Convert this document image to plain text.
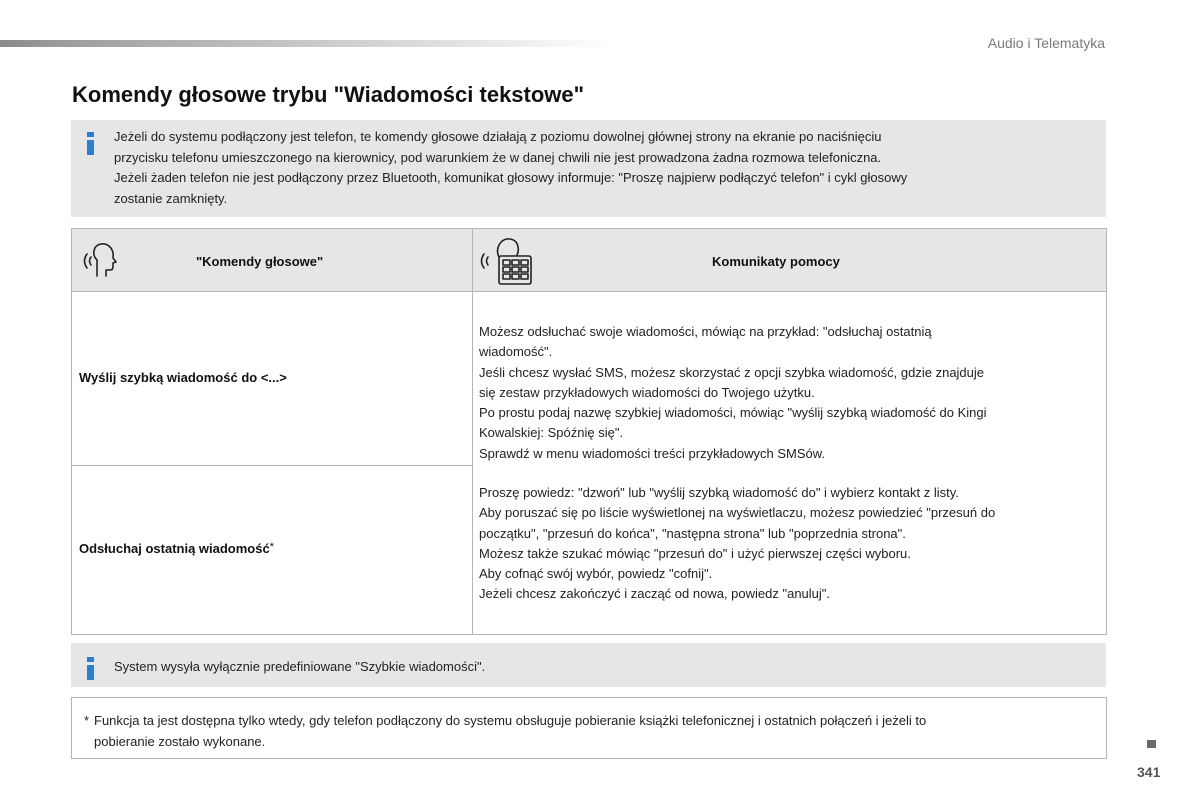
Audio i Telematyka
Komendy głosowe trybu "Wiadomości tekstowe"

Jeżeli do systemu podłączony jest telefon, te komendy głosowe działają z poziomu dowolnej głównej strony na ekranie po naciśnięciu

przycisku telefonu umieszczonego na kierownicy, pod warunkiem że w danej chwili nie jest prowadzona żadna rozmowa telefoniczna.

Jeżeli żaden telefon nie jest podłączony przez Bluetooth, komunikat głosowy informuje: "Proszę najpierw podłączyć telefon" i cykl głosowy

zostanie zamknięty.

"Komendy głosowe"	Komunikaty pomocy
Wyślij szybką wiadomość do <...>
Odsłuchaj ostatnią wiadomość*

Możesz odsłuchać swoje wiadomości, mówiąc na przykład: "odsłuchaj ostatnią

wiadomość".

Jeśli chcesz wysłać SMS, możesz skorzystać z opcji szybka wiadomość, gdzie znajduje

się zestaw przykładowych wiadomości do Twojego użytku.

Po prostu podaj nazwę szybkiej wiadomości, mówiąc "wyślij szybką wiadomość do Kingi

Kowalskiej: Spóźnię się".

Sprawdź w menu wiadomości treści przykładowych SMSów.

Proszę powiedz: "dzwoń" lub "wyślij szybką wiadomość do" i wybierz kontakt z listy.

Aby poruszać się po liście wyświetlonej na wyświetlaczu, możesz powiedzieć "przesuń do

początku", "przesuń do końca", "następna strona" lub "poprzednia strona".

Możesz także szukać mówiąc "przesuń do" i użyć pierwszej części wyboru.

Aby cofnąć swój wybór, powiedz "cofnij".

Jeżeli chcesz zakończyć i zacząć od nowa, powiedz "anuluj".

System wysyła wyłącznie predefiniowane "Szybkie wiadomości".
* Funkcja ta jest dostępna tylko wtedy, gdy telefon podłączony do systemu obsługuje pobieranie książki telefonicznej i ostatnich połączeń i jeżeli to
pobieranie zostało wykonane.
341
